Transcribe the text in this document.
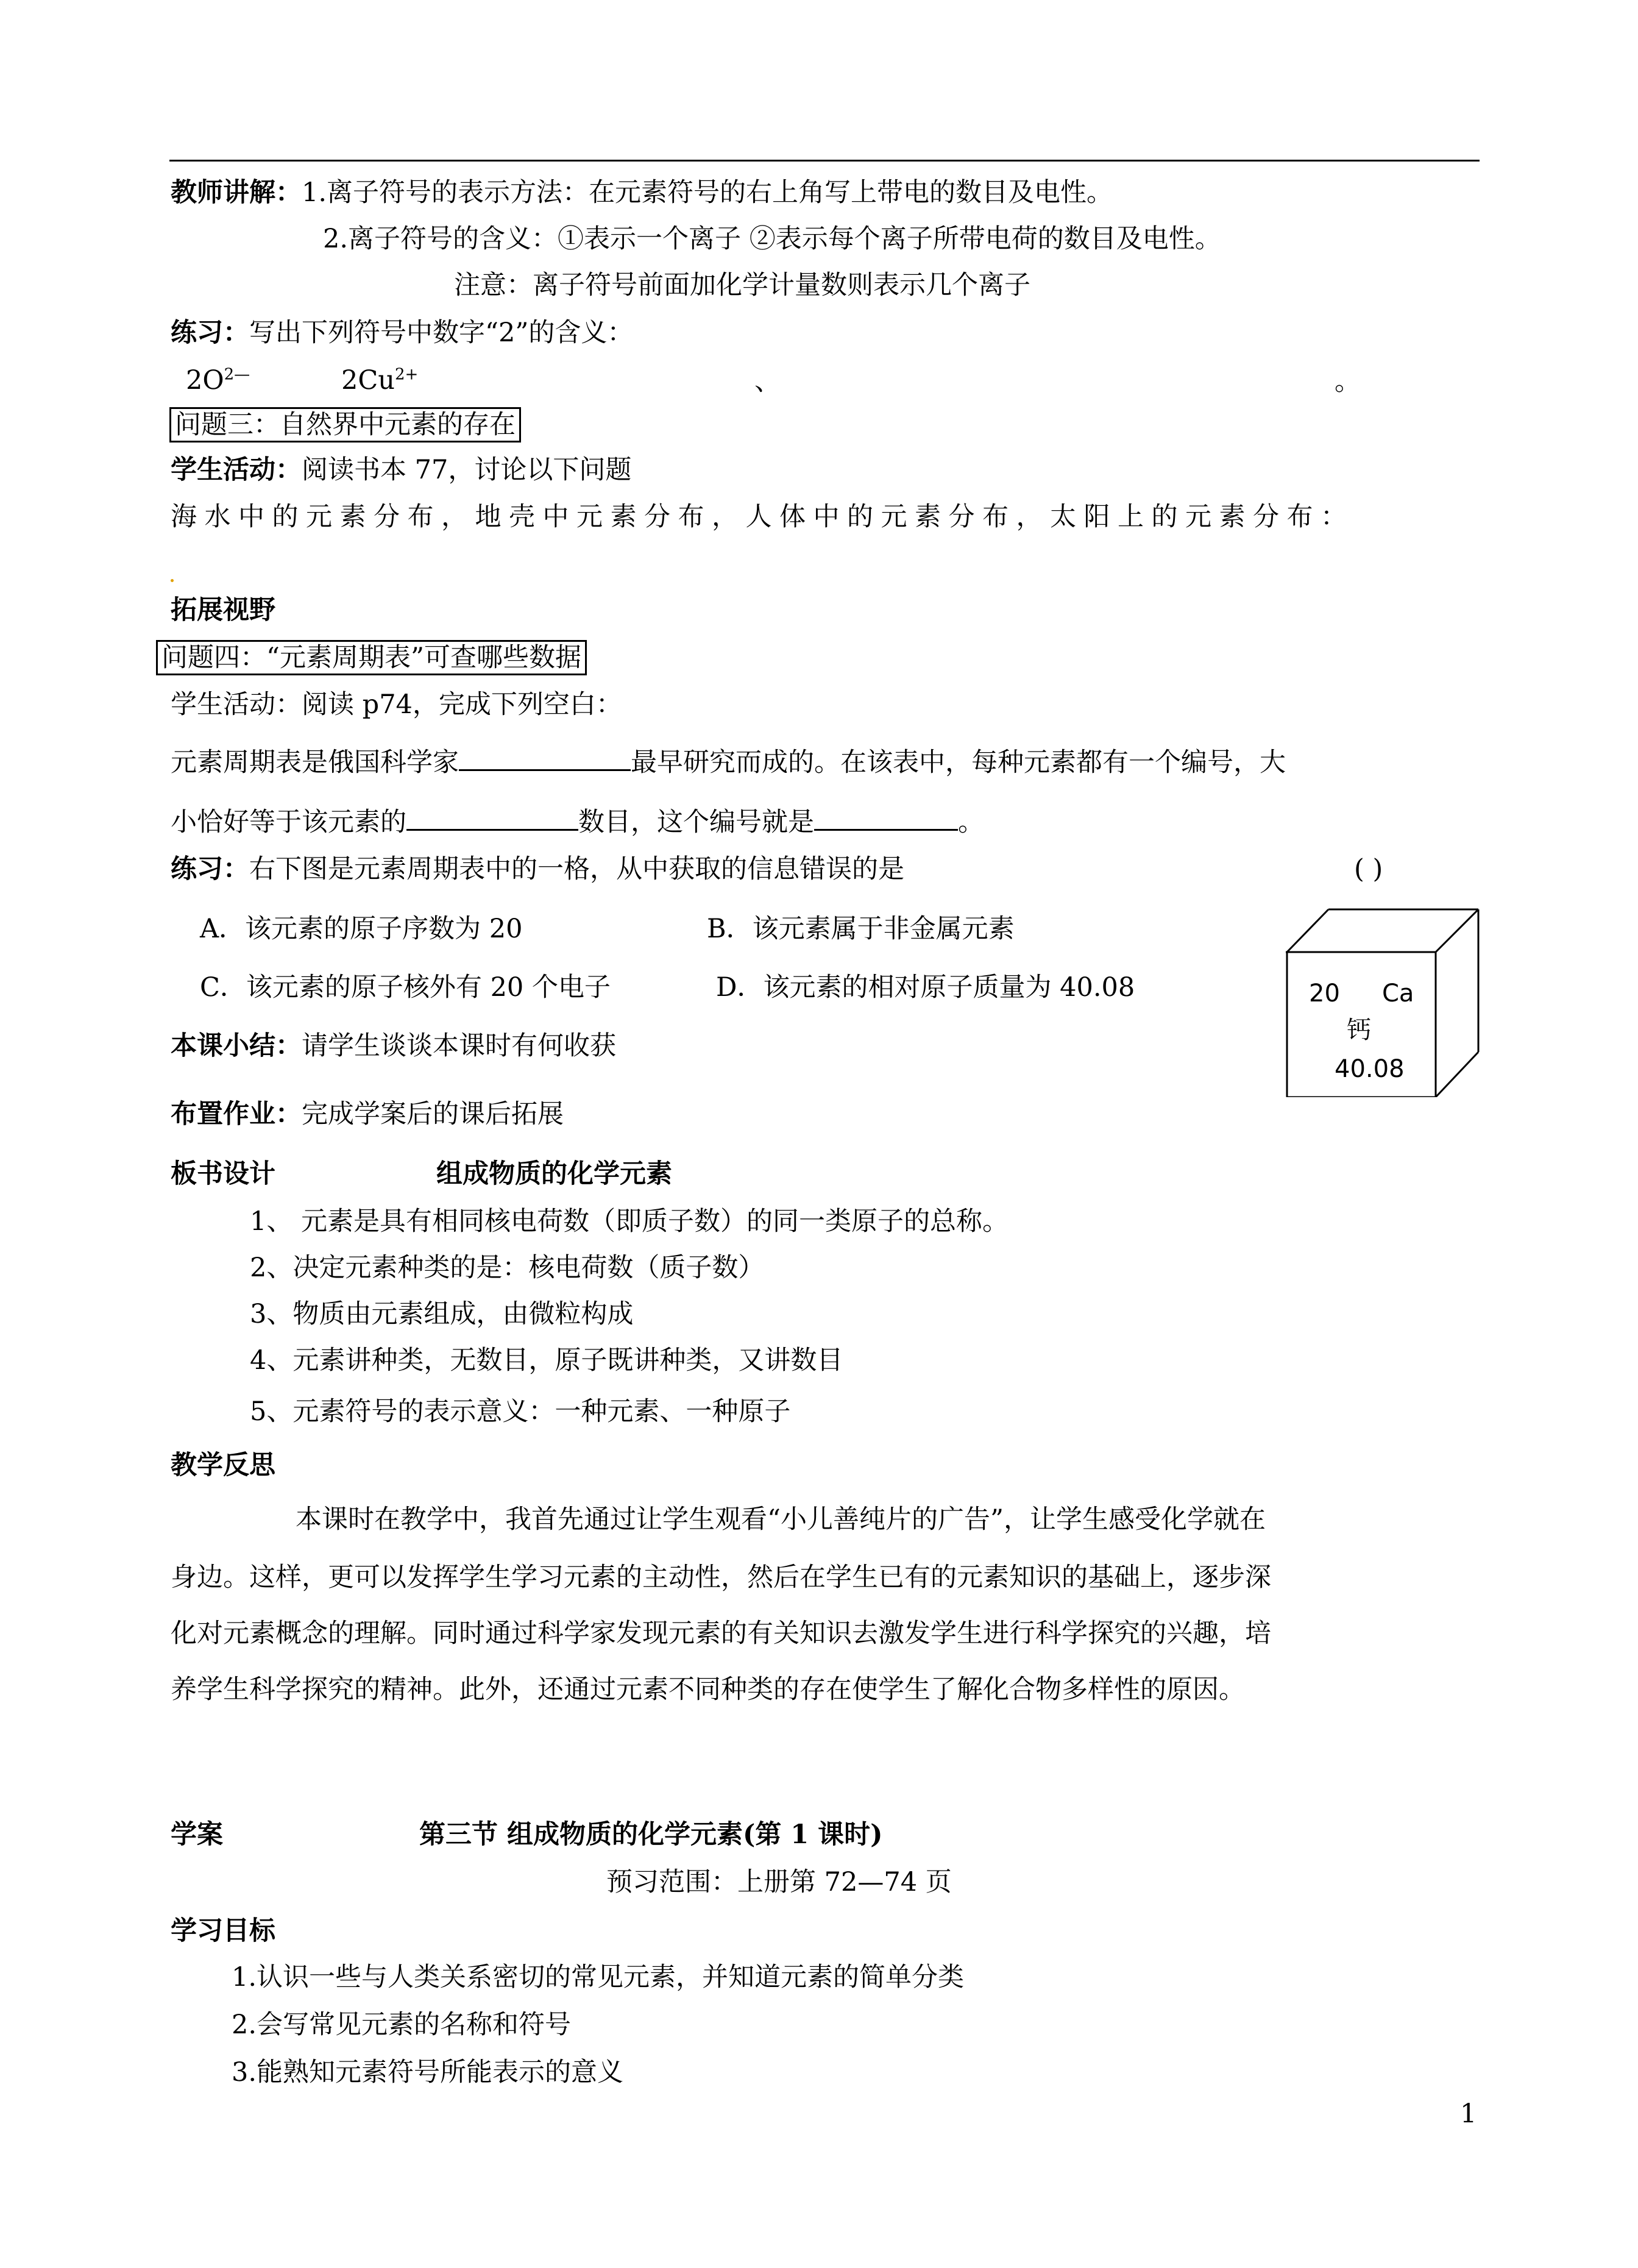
教师讲解：1.离子符号的表示方法：在元素符号的右上角写上带电的数目及电性。
2.离子符号的含义：①表示一个离子 ②表示每个离子所带电荷的数目及电性。
注意：离子符号前面加化学计量数则表示几个离子
练习：写出下列符号中数字“2”的含义：
$2O^{2—}$	$2Cu^{2+}$	、	。
问题三：自然界中元素的存在
学生活动：阅读书本 77，讨论以下问题
海水中的元素分布，地壳中元素分布，人体中的元素分布，太阳上的元素分布：
拓展视野
问题四：“元素周期表”可查哪些数据
学生活动：阅读 p74，完成下列空白：
元素周期表是俄国科学家	最早研究而成的。在该表中，每种元素都有一个编号，大
小恰好等于该元素的	数目，这个编号就是	。
练习：右下图是元素周期表中的一格，从中获取的信息错误的是	( )
A．该元素的原子序数为 20	B．该元素属于非金属元素
C．该元素的原子核外有 20 个电子	D．该元素的相对原子质量为 40.08	20 Ca
钙
40.08
本课小结：请学生谈谈本课时有何收获
布置作业：完成学案后的课后拓展
板书设计	组成物质的化学元素
1、 元素是具有相同核电荷数（即质子数）的同一类原子的总称。
2、决定元素种类的是：核电荷数（质子数）
3、物质由元素组成，由微粒构成
4、元素讲种类，无数目，原子既讲种类，又讲数目
5、元素符号的表示意义：一种元素、一种原子
教学反思
本课时在教学中，我首先通过让学生观看“小儿善纯片的广告”，让学生感受化学就在
身边。这样，更可以发挥学生学习元素的主动性，然后在学生已有的元素知识的基础上，逐步深
化对元素概念的理解。同时通过科学家发现元素的有关知识去激发学生进行科学探究的兴趣，培
养学生科学探究的精神。此外，还通过元素不同种类的存在使学生了解化合物多样性的原因。
学案	第三节 组成物质的化学元素(第 1 课时)
预习范围：上册第 72—74 页
学习目标
1.认识一些与人类关系密切的常见元素，并知道元素的简单分类
2.会写常见元素的名称和符号
3.能熟知元素符号所能表示的意义
1
